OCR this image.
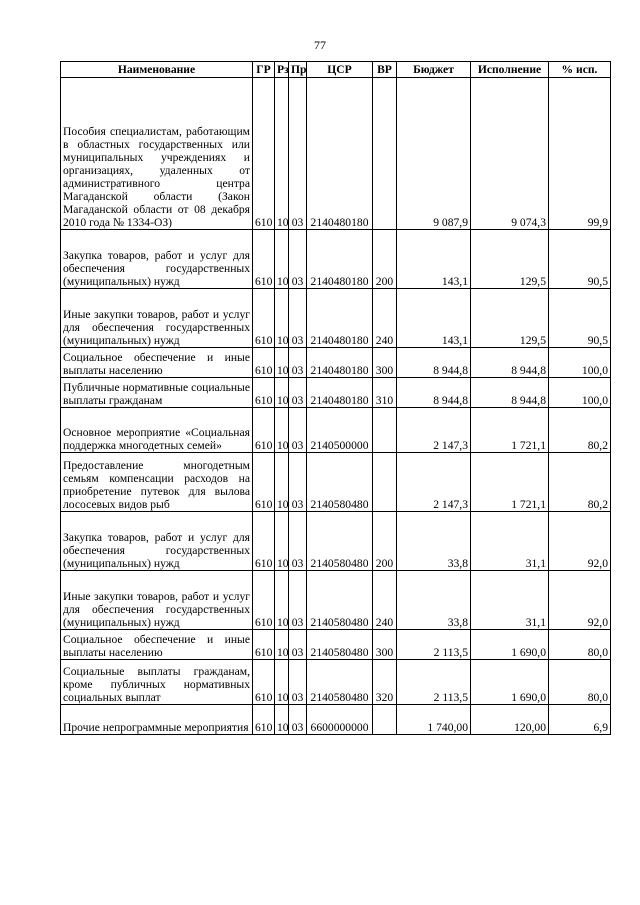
77
Наименование	ГР	Рз	Пр	ЦСР	ВР	Бюджет	Исполнение	% исп.
Пособия специалистам, работающим в областных государственных или муниципальных учреждениях и организациях, удаленных от административного центра Магаданской области (Закон Магаданской области от 08 декабря 2010 года № 1334-ОЗ)	610	10	03	2140480180		9 087,9	9 074,3	99,9
Закупка товаров, работ и услуг для обеспечения государственных (муниципальных) нужд	610	10	03	2140480180	200	143,1	129,5	90,5
Иные закупки товаров, работ и услуг для обеспечения государственных (муниципальных) нужд	610	10	03	2140480180	240	143,1	129,5	90,5
Социальное обеспечение и иные выплаты населению	610	10	03	2140480180	300	8 944,8	8 944,8	100,0
Публичные нормативные социальные выплаты гражданам	610	10	03	2140480180	310	8 944,8	8 944,8	100,0
Основное мероприятие «Социальная поддержка многодетных семей»	610	10	03	2140500000		2 147,3	1 721,1	80,2
Предоставление многодетным семьям компенсации расходов на приобретение путевок для вылова лососевых видов рыб	610	10	03	2140580480		2 147,3	1 721,1	80,2
Закупка товаров, работ и услуг для обеспечения государственных (муниципальных) нужд	610	10	03	2140580480	200	33,8	31,1	92,0
Иные закупки товаров, работ и услуг для обеспечения государственных (муниципальных) нужд	610	10	03	2140580480	240	33,8	31,1	92,0
Социальное обеспечение и иные выплаты населению	610	10	03	2140580480	300	2 113,5	1 690,0	80,0
Социальные выплаты гражданам, кроме публичных нормативных социальных выплат	610	10	03	2140580480	320	2 113,5	1 690,0	80,0
Прочие непрограммные мероприятия	610	10	03	6600000000		1 740,00	120,00	6,9
